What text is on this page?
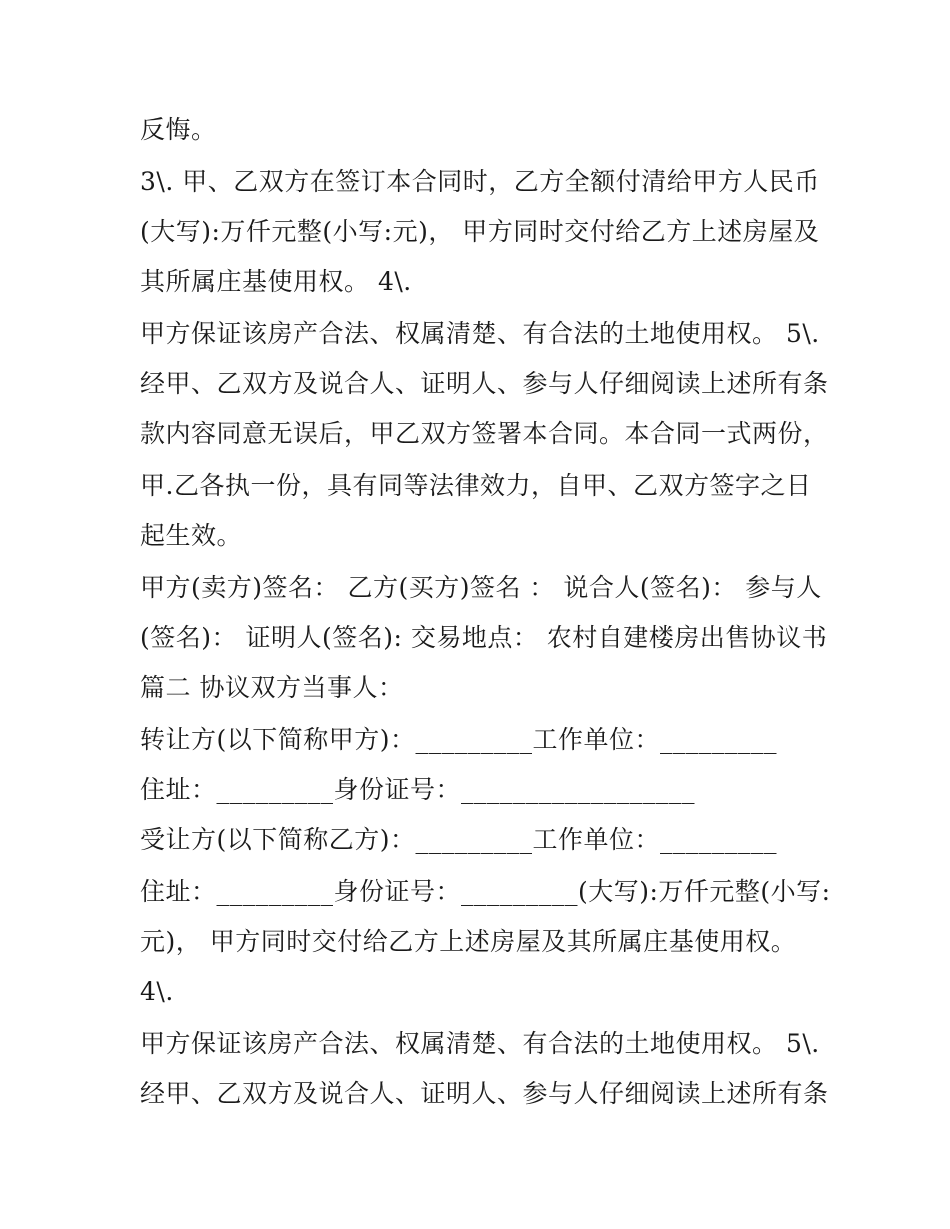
反悔。
3\. 甲、乙双方在签订本合同时，乙方全额付清给甲方人民币
(大写):万仟元整(小写:元)， 甲方同时交付给乙方上述房屋及
其所属庄基使用权。 4\.
甲方保证该房产合法、权属清楚、有合法的土地使用权。 5\.
经甲、乙双方及说合人、证明人、参与人仔细阅读上述所有条
款内容同意无误后，甲乙双方签署本合同。本合同一式两份，
甲.乙各执一份，具有同等法律效力，自甲、乙双方签字之日
起生效。
甲方(卖方)签名： 乙方(买方)签名 ： 说合人(签名)： 参与人
(签名)： 证明人(签名): 交易地点： 农村自建楼房出售协议书
篇二 协议双方当事人：
转让方(以下简称甲方)：_________工作单位：_________
住址：_________身份证号：__________________
受让方(以下简称乙方)：_________工作单位：_________
住址：_________身份证号：_________(大写):万仟元整(小写:
元)， 甲方同时交付给乙方上述房屋及其所属庄基使用权。
4\.
甲方保证该房产合法、权属清楚、有合法的土地使用权。 5\.
经甲、乙双方及说合人、证明人、参与人仔细阅读上述所有条
